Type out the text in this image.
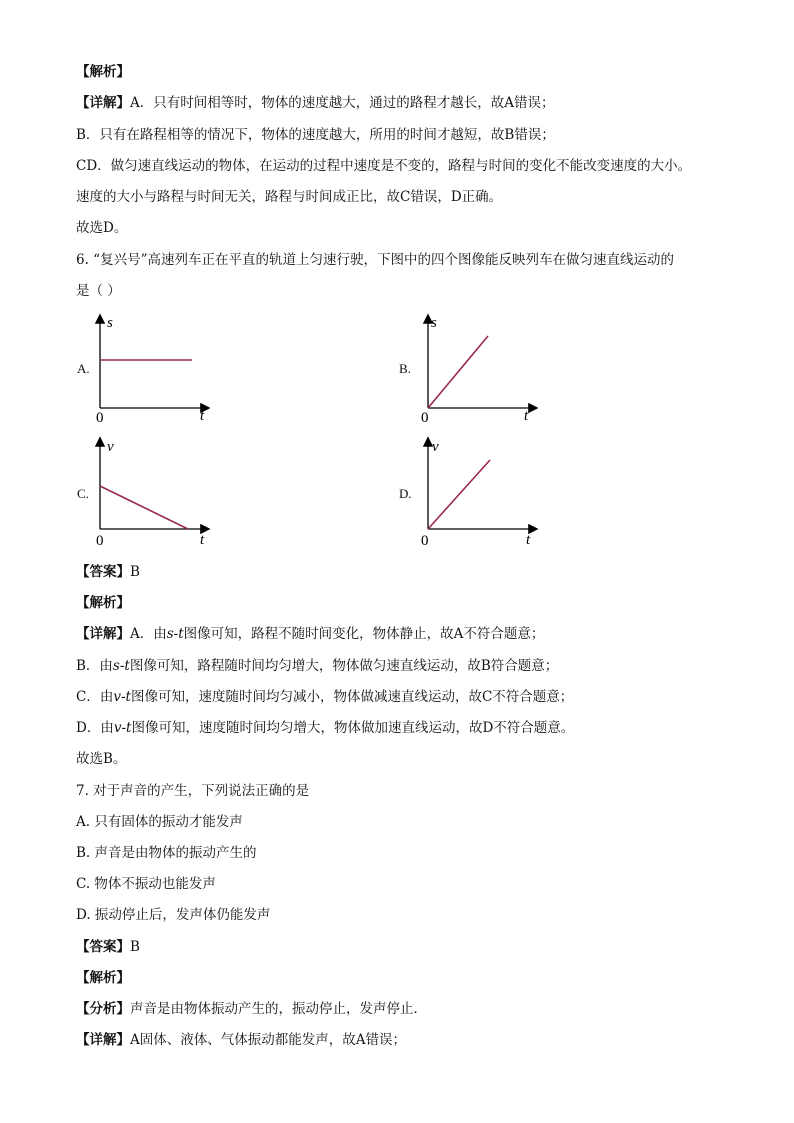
【解析】
【详解】A．只有时间相等时，物体的速度越大，通过的路程才越长，故A错误；
B．只有在路程相等的情况下，物体的速度越大，所用的时间才越短，故B错误；
CD．做匀速直线运动的物体，在运动的过程中速度是不变的，路程与时间的变化不能改变速度的大小。
速度的大小与路程与时间无关，路程与时间成正比，故C错误，D正确。
故选D。
6. “复兴号”高速列车正在平直的轨道上匀速行驶，下图中的四个图像能反映列车在做匀速直线运动的
是（ ）
A.
s
t
0
B.
s
t
0
C.
v
t
0
D.
v
t
0
【答案】B
【解析】
【详解】A．由s-t图像可知，路程不随时间变化，物体静止，故A不符合题意；
B．由s-t图像可知，路程随时间均匀增大，物体做匀速直线运动，故B符合题意；
C．由v-t图像可知，速度随时间均匀减小，物体做减速直线运动，故C不符合题意；
D．由v-t图像可知，速度随时间均匀增大，物体做加速直线运动，故D不符合题意。
故选B。
7. 对于声音的产生，下列说法正确的是
A. 只有固体的振动才能发声
B. 声音是由物体的振动产生的
C. 物体不振动也能发声
D. 振动停止后，发声体仍能发声
【答案】B
【解析】
【分析】声音是由物体振动产生的，振动停止，发声停止．
【详解】A固体、液体、气体振动都能发声，故A错误；
